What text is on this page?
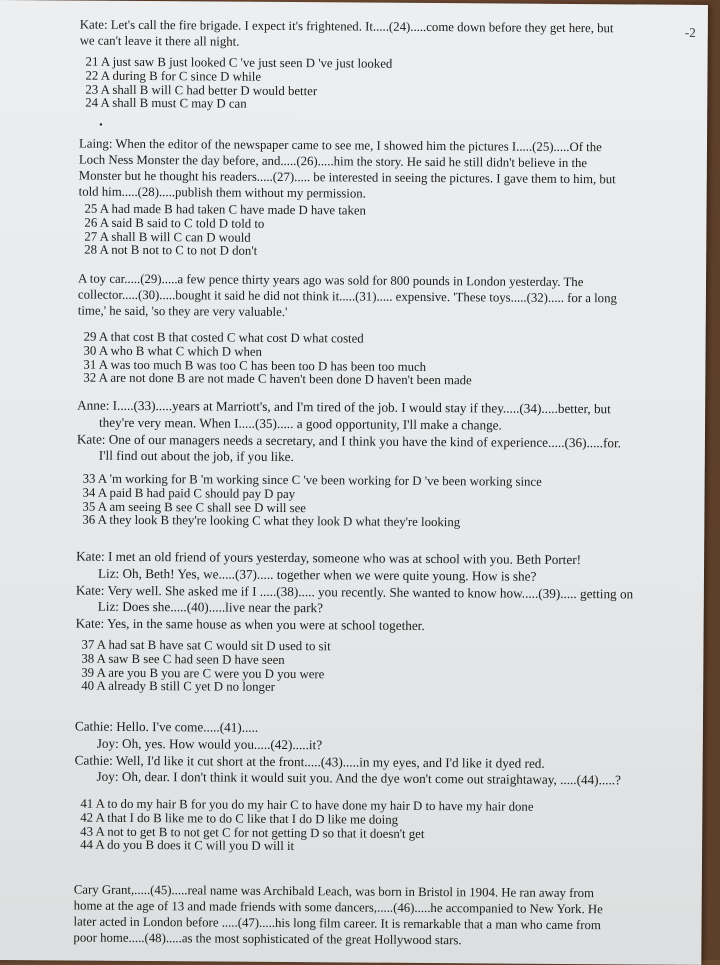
-2
•
Kate: Let's call the fire brigade. I expect it's frightened. It.....(24).....come down before they get here, but
we can't leave it there all night.
21 A just saw B just looked C 've just seen D 've just looked
22 A during B for C since D while
23 A shall B will C had better D would better
24 A shall B must C may D can
Laing: When the editor of the newspaper came to see me, I showed him the pictures I.....(25).....Of the
Loch Ness Monster the day before, and.....(26).....him the story. He said he still didn't believe in the
Monster but he thought his readers.....(27)..... be interested in seeing the pictures. I gave them to him, but
told him.....(28).....publish them without my permission.
25 A had made B had taken C have made D have taken
26 A said B said to C told D told to
27 A shall B will C can D would
28 A not B not to C to not D don't
A toy car.....(29).....a few pence thirty years ago was sold for 800 pounds in London yesterday. The
collector.....(30).....bought it said he did not think it.....(31)..... expensive. 'These toys.....(32)..... for a long
time,' he said, 'so they are very valuable.'
29 A that cost B that costed C what cost D what costed
30 A who B what C which D when
31 A was too much B was too C has been too D has been too much
32 A are not done B are not made C haven't been done D haven't been made
Anne: I.....(33).....years at Marriott's, and I'm tired of the job. I would stay if they.....(34).....better, but
they're very mean. When I.....(35)..... a good opportunity, I'll make a change.
Kate: One of our managers needs a secretary, and I think you have the kind of experience.....(36).....for.
I'll find out about the job, if you like.
33 A 'm working for B 'm working since C 've been working for D 've been working since
34 A paid B had paid C should pay D pay
35 A am seeing B see C shall see D will see
36 A they look B they're looking C what they look D what they're looking
Kate: I met an old friend of yours yesterday, someone who was at school with you. Beth Porter!
Liz: Oh, Beth! Yes, we.....(37)..... together when we were quite young. How is she?
Kate: Very well. She asked me if I .....(38)..... you recently. She wanted to know how.....(39)..... getting on
Liz: Does she.....(40).....live near the park?
Kate: Yes, in the same house as when you were at school together.
37 A had sat B have sat C would sit D used to sit
38 A saw B see C had seen D have seen
39 A are you B you are C were you D you were
40 A already B still C yet D no longer
Cathie: Hello. I've come.....(41).....
Joy: Oh, yes. How would you.....(42).....it?
Cathie: Well, I'd like it cut short at the front.....(43).....in my eyes, and I'd like it dyed red.
Joy: Oh, dear. I don't think it would suit you. And the dye won't come out straightaway, .....(44).....?
41 A to do my hair B for you do my hair C to have done my hair D to have my hair done
42 A that I do B like me to do C like that I do D like me doing
43 A not to get B to not get C for not getting D so that it doesn't get
44 A do you B does it C will you D will it
Cary Grant,.....(45).....real name was Archibald Leach, was born in Bristol in 1904. He ran away from
home at the age of 13 and made friends with some dancers,.....(46).....he accompanied to New York. He
later acted in London before .....(47).....his long film career. It is remarkable that a man who came from
poor home.....(48).....as the most sophisticated of the great Hollywood stars.
